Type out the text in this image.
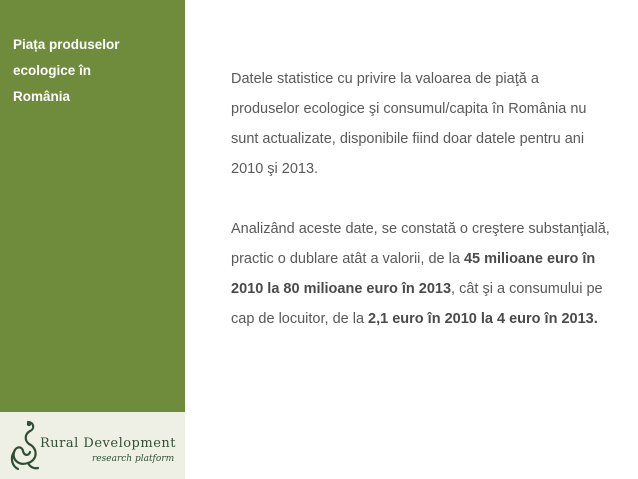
Piața produselor
ecologice în
România
Rural Development
research platform

Datele statistice cu privire la valoarea de piaţă a produselor ecologice şi consumul/capita în România nu sunt actualizate, disponibile fiind doar datele pentru ani 2010 şi 2013.

Analizând aceste date, se constată o creştere substanţială, practic o dublare atât a valorii, de la 45 milioane euro în 2010 la 80 milioane euro în 2013, cât şi a consumului pe cap de locuitor, de la 2,1 euro în 2010 la 4 euro în 2013.
